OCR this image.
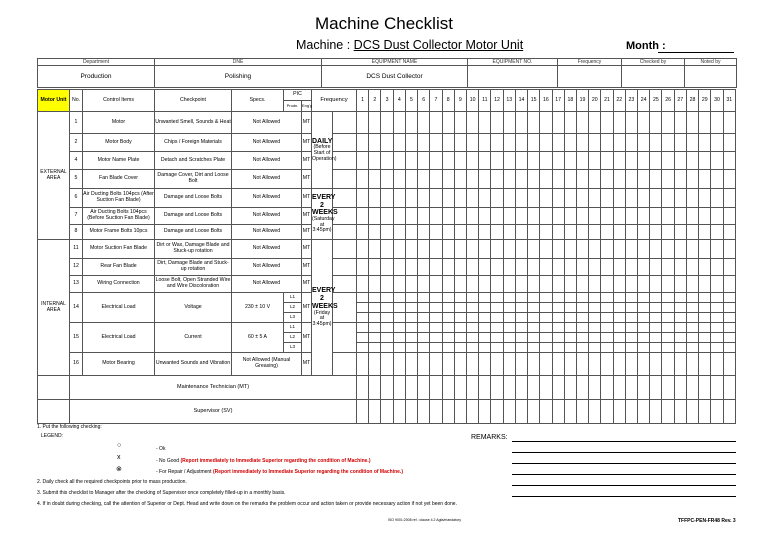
Machine Checklist
Machine : DCS Dust Collector Motor Unit	Month :
Department	DNE	EQUIPMENT NAME	EQUIPMENT NO.	Frequency	Checked by	Noted by
Production	Polishing	DCS Dust Collector				
Motor Unit	No.	Control Items	Checkpoint	Specs.	PIC		Frequency		1	2	3	4	5	6	7	8	9	10	11	12	13	14	15	16	17	18	19	20	21	22	23	24	25	26	27	28	29	30	31
					Prodn.	Eng'g																																	
EXTERNAL AREA	1	Motor	Unwanted Smell, Sounds & Heat	Not Allowed		MT	DAILY
(Before Start of Operation)																																
	2	Motor Body	Chips / Foreign Materials	Not Allowed		MT																																	
	4	Motor Name Plate	Detach and Scratches Plate	Not Allowed		MT																																	
	5	Fan Blade Cover	Damage Cover, Dirt and Loose Bolt	Not Allowed		MT																																	
	6	Air Ducting Bolts 104pcs (After Suction Fan Blade)	Damage and Loose Bolts	Not Allowed		MT	EVERY 2 WEEKS
(Saturday at 3:45pm)																																
	7	Air Ducting Bolts 104pcs (Before Suction Fan Blade)	Damage and Loose Bolts	Not Allowed		MT																																	
	8	Motor Frame Bolts 10pcs	Damage and Loose Bolts	Not Allowed		MT																																	
INTERNAL AREA	11	Motor Suction Fan Blade	Dirt or Wax, Damage Blade and Stuck-up rotation	Not Allowed		MT	EVERY 2 WEEKS
(Friday at 3:45pm)																																
	12	Rear Fan Blade	Dirt, Damage Blade and Stuck-up rotation	Not Allowed		MT																																	
	13	Wiring Connection	Loose Bolt, Open Stranded Wire and Wire Discoloration	Not Allowed		MT																																	
	14	Electrical Load	Voltage	230 ± 10 V	L1	MT																																	
					L2																																		
					L3																																		
	15	Electrical Load	Current	60 ± 5 A	L1	MT																																	
					L2																																		
					L3																																		
	16	Motor Bearing	Unwanted Sounds and Vibration	Not Allowed (Manual Greasing)		MT																																	
	Maintenance Technician (MT)																																						
	Supervisor (SV)																																						
1. Put the following checking:
LEGEND:
○	- Ok
x	- No Good (Report immediately to Immediate Superior regarding the condition of Machine.)
⊗	- For Repair / Adjustment (Report immediately to Immediate Superior regarding the condition of Machine.)
2. Daily check all the required checkpoints prior to mass production.
3. Submit this checklist to Manager after the checking of Supervisor once completely filled-up in a monthly basis.
4. If in doubt during checking, call the attention of Superior or Dept. Head and write down on the remarks the problem occur and action taken or provide necessary action if not yet been done.
REMARKS:
ISO 9001:2008 ref.: clause 4.2 Agfa/mandatory	TFFPC-PEN-FR48 Rev. 3
